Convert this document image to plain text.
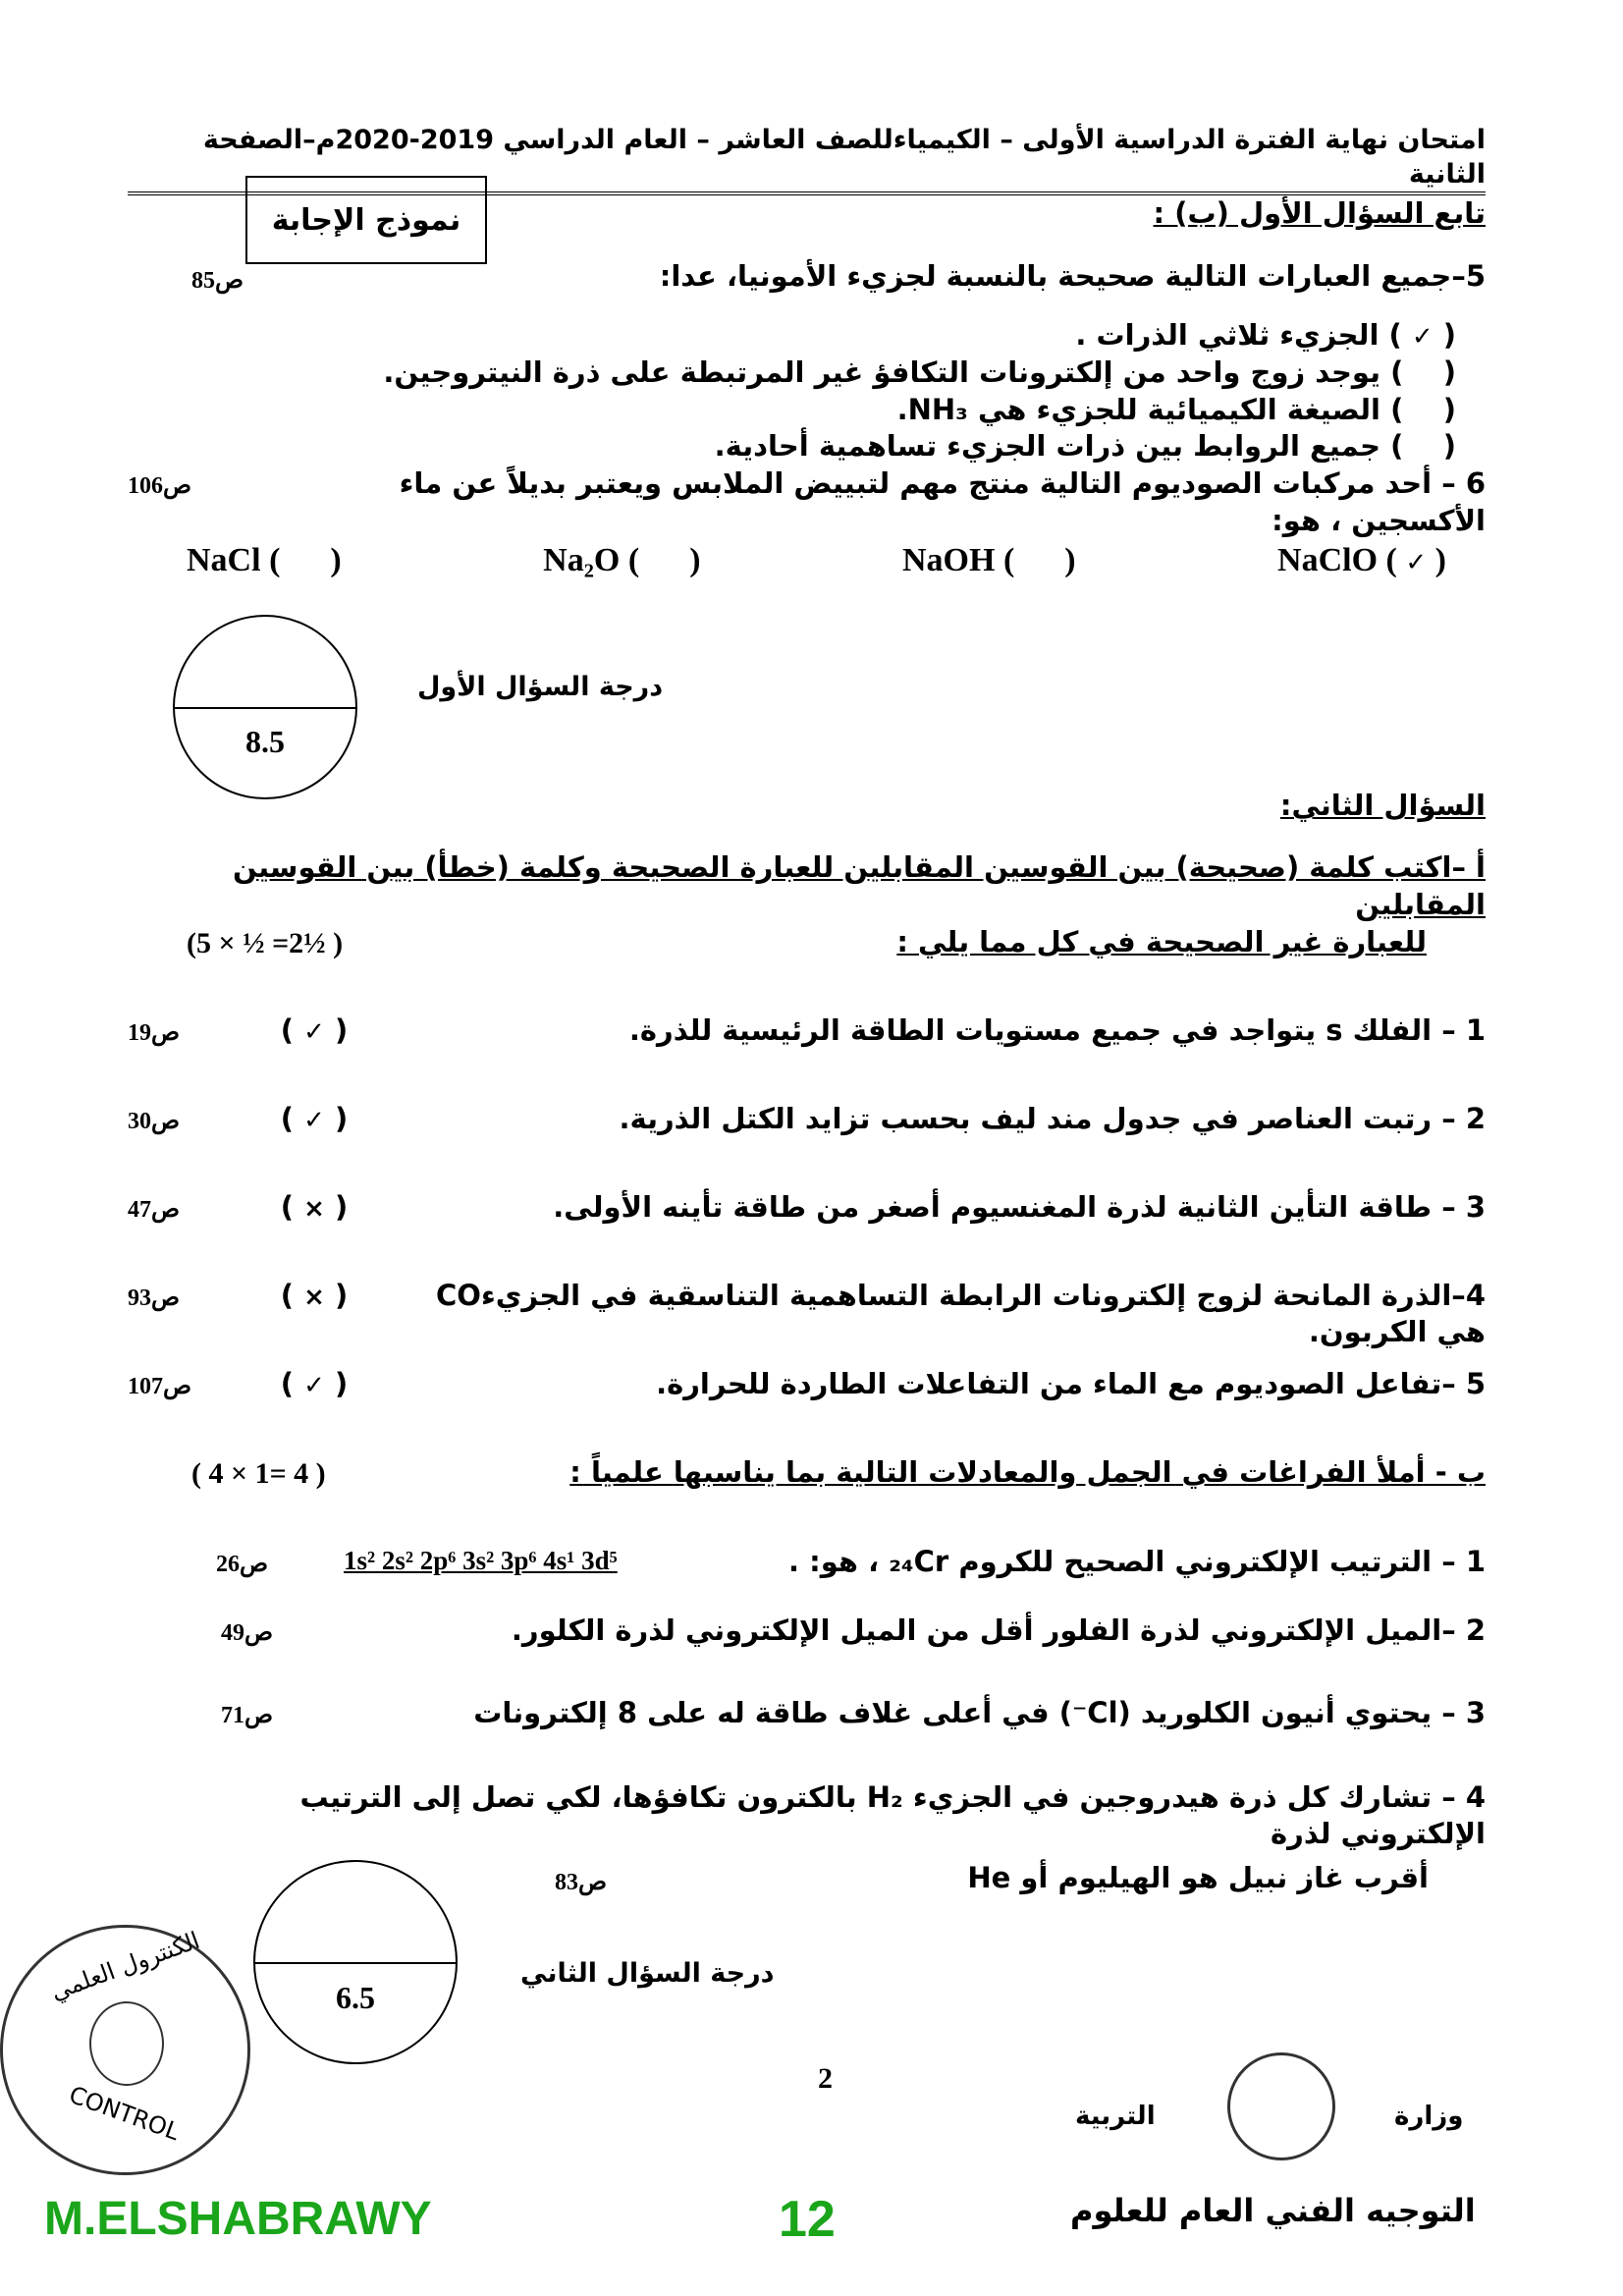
نموذج الإجابة
امتحان نهاية الفترة الدراسية الأولى – الكيمياءللصف العاشر – العام الدراسي 2019-2020م–الصفحة الثانية
تابع السؤال الأول (ب) :
5–جميع العبارات التالية صحيحة بالنسبة لجزيء الأمونيا، عدا:
ص85
( ✓ ) الجزيء ثلاثي الذرات .
(    ) يوجد زوج واحد من إلكترونات التكافؤ غير المرتبطة على ذرة النيتروجين.
(    ) الصيغة الكيميائية للجزيء هي NH₃.
(    ) جميع الروابط بين ذرات الجزيء تساهمية أحادية.
6 – أحد مركبات الصوديوم التالية منتج مهم لتبييض الملابس ويعتبر بديلاً عن ماء الأكسجين ، هو:
ص106
NaClO ( ✓ )
NaOH (      )
Na₂O (      )
NaCl (      )
8.5
درجة السؤال الأول
السؤال الثاني:
أ –اكتب كلمة (صحيحة) بين القوسين المقابلين للعبارة الصحيحة وكلمة (خطأ) بين القوسين المقابلين
للعبارة غير الصحيحة في كل مما يلي :
(5 × ½ =2½ )
1 – الفلك s يتواجد في جميع مستويات الطاقة الرئيسية للذرة.
( ✓ )
ص19
2 – رتبت العناصر في جدول مند ليف بحسب تزايد الكتل الذرية.
( ✓ )
ص30
3 – طاقة التأين الثانية لذرة المغنسيوم أصغر من طاقة تأينه الأولى.
( × )
ص47
4–الذرة المانحة لزوج إلكترونات الرابطة التساهمية التناسقية في الجزيءCO هي الكربون.
( × )
ص93
5 –تفاعل الصوديوم مع الماء من التفاعلات الطاردة للحرارة.
( ✓ )
ص107
ب - أملأ الفراغات في الجمل والمعادلات التالية بما يناسبها علمياً :
( 4 × 1= 4 )
1 – الترتيب الإلكتروني الصحيح للكروم ₂₄Cr ، هو: .
1s² 2s² 2p⁶ 3s² 3p⁶ 4s¹ 3d⁵
ص26
2 –الميل الإلكتروني لذرة الفلور أقل من الميل الإلكتروني لذرة الكلور.
ص49
3 – يحتوي أنيون الكلوريد (Cl⁻) في أعلى غلاف طاقة له على 8 إلكترونات
ص71
4 – تشارك كل ذرة هيدروجين في الجزيء H₂ بالكترون تكافؤها، لكي تصل إلى الترتيب الإلكتروني لذرة
أقرب غاز نبيل هو الهيليوم أو He
ص83
6.5
درجة السؤال الثاني
2
الكنترول العلمي
CONTROL	وزارة
التربية
التوجيه الفني العام للعلوم
M.ELSHABRAWY	12
